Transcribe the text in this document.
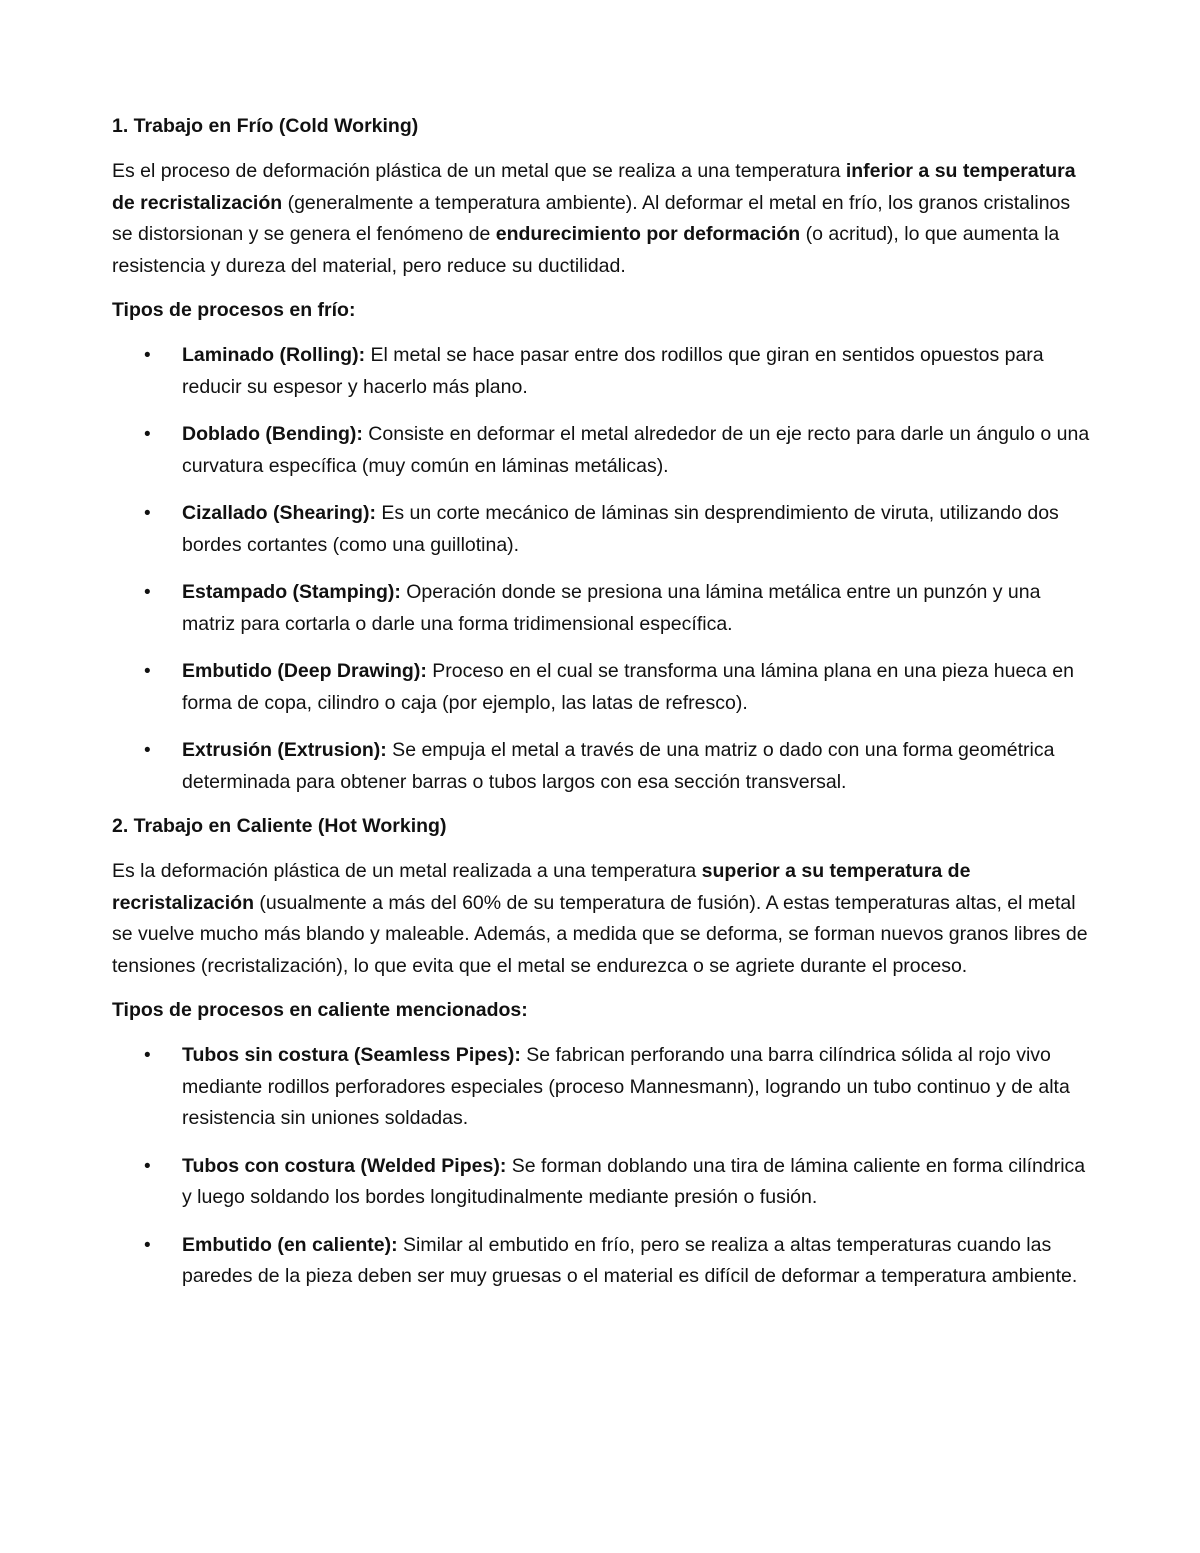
1. Trabajo en Frío (Cold Working)

Es el proceso de deformación plástica de un metal que se realiza a una temperatura inferior a su temperatura de recristalización (generalmente a temperatura ambiente). Al deformar el metal en frío, los granos cristalinos se distorsionan y se genera el fenómeno de endurecimiento por deformación (o acritud), lo que aumenta la resistencia y dureza del material, pero reduce su ductilidad.

Tipos de procesos en frío:
• Laminado (Rolling): El metal se hace pasar entre dos rodillos que giran en sentidos opuestos para reducir su espesor y hacerlo más plano.
• Doblado (Bending): Consiste en deformar el metal alrededor de un eje recto para darle un ángulo o una curvatura específica (muy común en láminas metálicas).
• Cizallado (Shearing): Es un corte mecánico de láminas sin desprendimiento de viruta, utilizando dos bordes cortantes (como una guillotina).
• Estampado (Stamping): Operación donde se presiona una lámina metálica entre un punzón y una matriz para cortarla o darle una forma tridimensional específica.
• Embutido (Deep Drawing): Proceso en el cual se transforma una lámina plana en una pieza hueca en forma de copa, cilindro o caja (por ejemplo, las latas de refresco).
• Extrusión (Extrusion): Se empuja el metal a través de una matriz o dado con una forma geométrica determinada para obtener barras o tubos largos con esa sección transversal.
2. Trabajo en Caliente (Hot Working)

Es la deformación plástica de un metal realizada a una temperatura superior a su temperatura de recristalización (usualmente a más del 60% de su temperatura de fusión). A estas temperaturas altas, el metal se vuelve mucho más blando y maleable. Además, a medida que se deforma, se forman nuevos granos libres de tensiones (recristalización), lo que evita que el metal se endurezca o se agriete durante el proceso.

Tipos de procesos en caliente mencionados:
• Tubos sin costura (Seamless Pipes): Se fabrican perforando una barra cilíndrica sólida al rojo vivo mediante rodillos perforadores especiales (proceso Mannesmann), logrando un tubo continuo y de alta resistencia sin uniones soldadas.
• Tubos con costura (Welded Pipes): Se forman doblando una tira de lámina caliente en forma cilíndrica y luego soldando los bordes longitudinalmente mediante presión o fusión.
• Embutido (en caliente): Similar al embutido en frío, pero se realiza a altas temperaturas cuando las paredes de la pieza deben ser muy gruesas o el material es difícil de deformar a temperatura ambiente.
